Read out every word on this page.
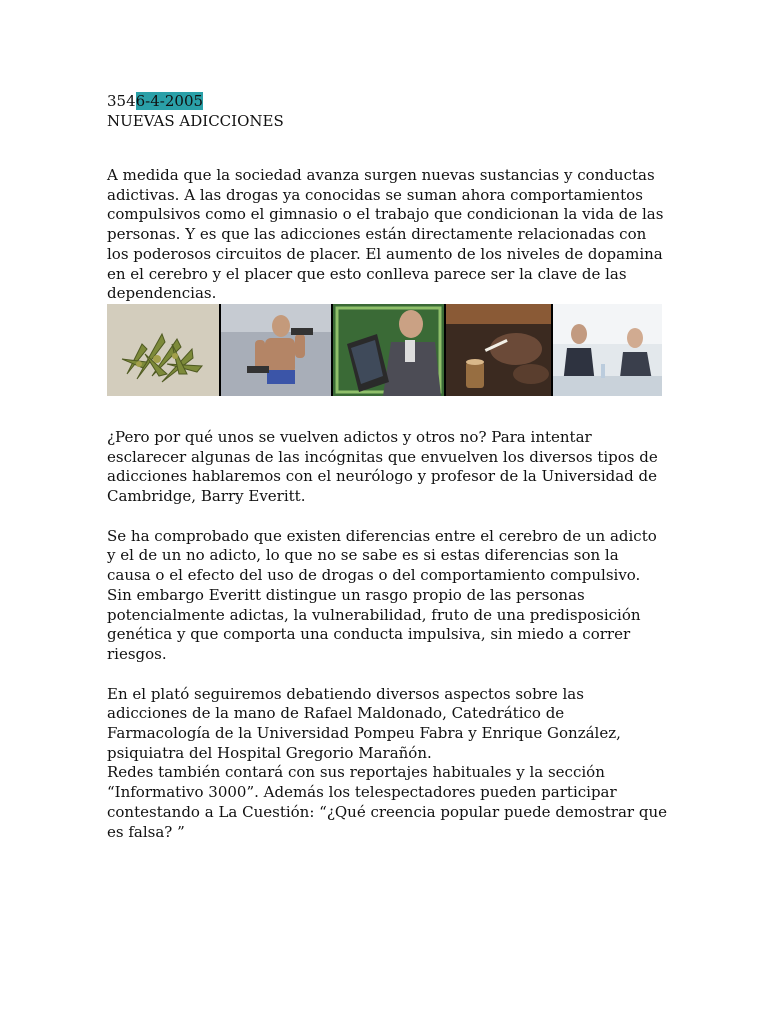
3546-4-2005
NUEVAS ADICCIONES

A medida que la sociedad avanza surgen nuevas sustancias y conductas adictivas. A las drogas ya conocidas se suman ahora comportamientos compulsivos como el gimnasio o el trabajo que condicionan la vida de las personas. Y es que las adicciones están directamente relacionadas con los poderosos circuitos de placer. El aumento de los niveles de dopamina en el cerebro y el placer que esto conlleva parece ser la clave de las dependencias.

¿Pero por qué unos se vuelven adictos y otros no? Para intentar esclarecer algunas de las incógnitas que envuelven los diversos tipos de adicciones hablaremos con el neurólogo y profesor de la Universidad de Cambridge, Barry Everitt.

Se ha comprobado que existen diferencias entre el cerebro de un adicto y el de un no adicto, lo que no se sabe es si estas diferencias son la causa o el efecto del uso de drogas o del comportamiento compulsivo. Sin embargo Everitt distingue un rasgo propio de las personas potencialmente adictas, la vulnerabilidad, fruto de una predisposición genética y que comporta una conducta impulsiva, sin miedo a correr riesgos.

En el plató seguiremos debatiendo diversos aspectos sobre las adicciones de la mano de Rafael Maldonado, Catedrático de Farmacología de la Universidad Pompeu Fabra y Enrique González, psiquiatra del Hospital Gregorio Marañón.

Redes también contará con sus reportajes habituales y la sección “Informativo 3000”. Además los telespectadores pueden participar contestando a La Cuestión: “¿Qué creencia popular puede demostrar que es falsa? ”
